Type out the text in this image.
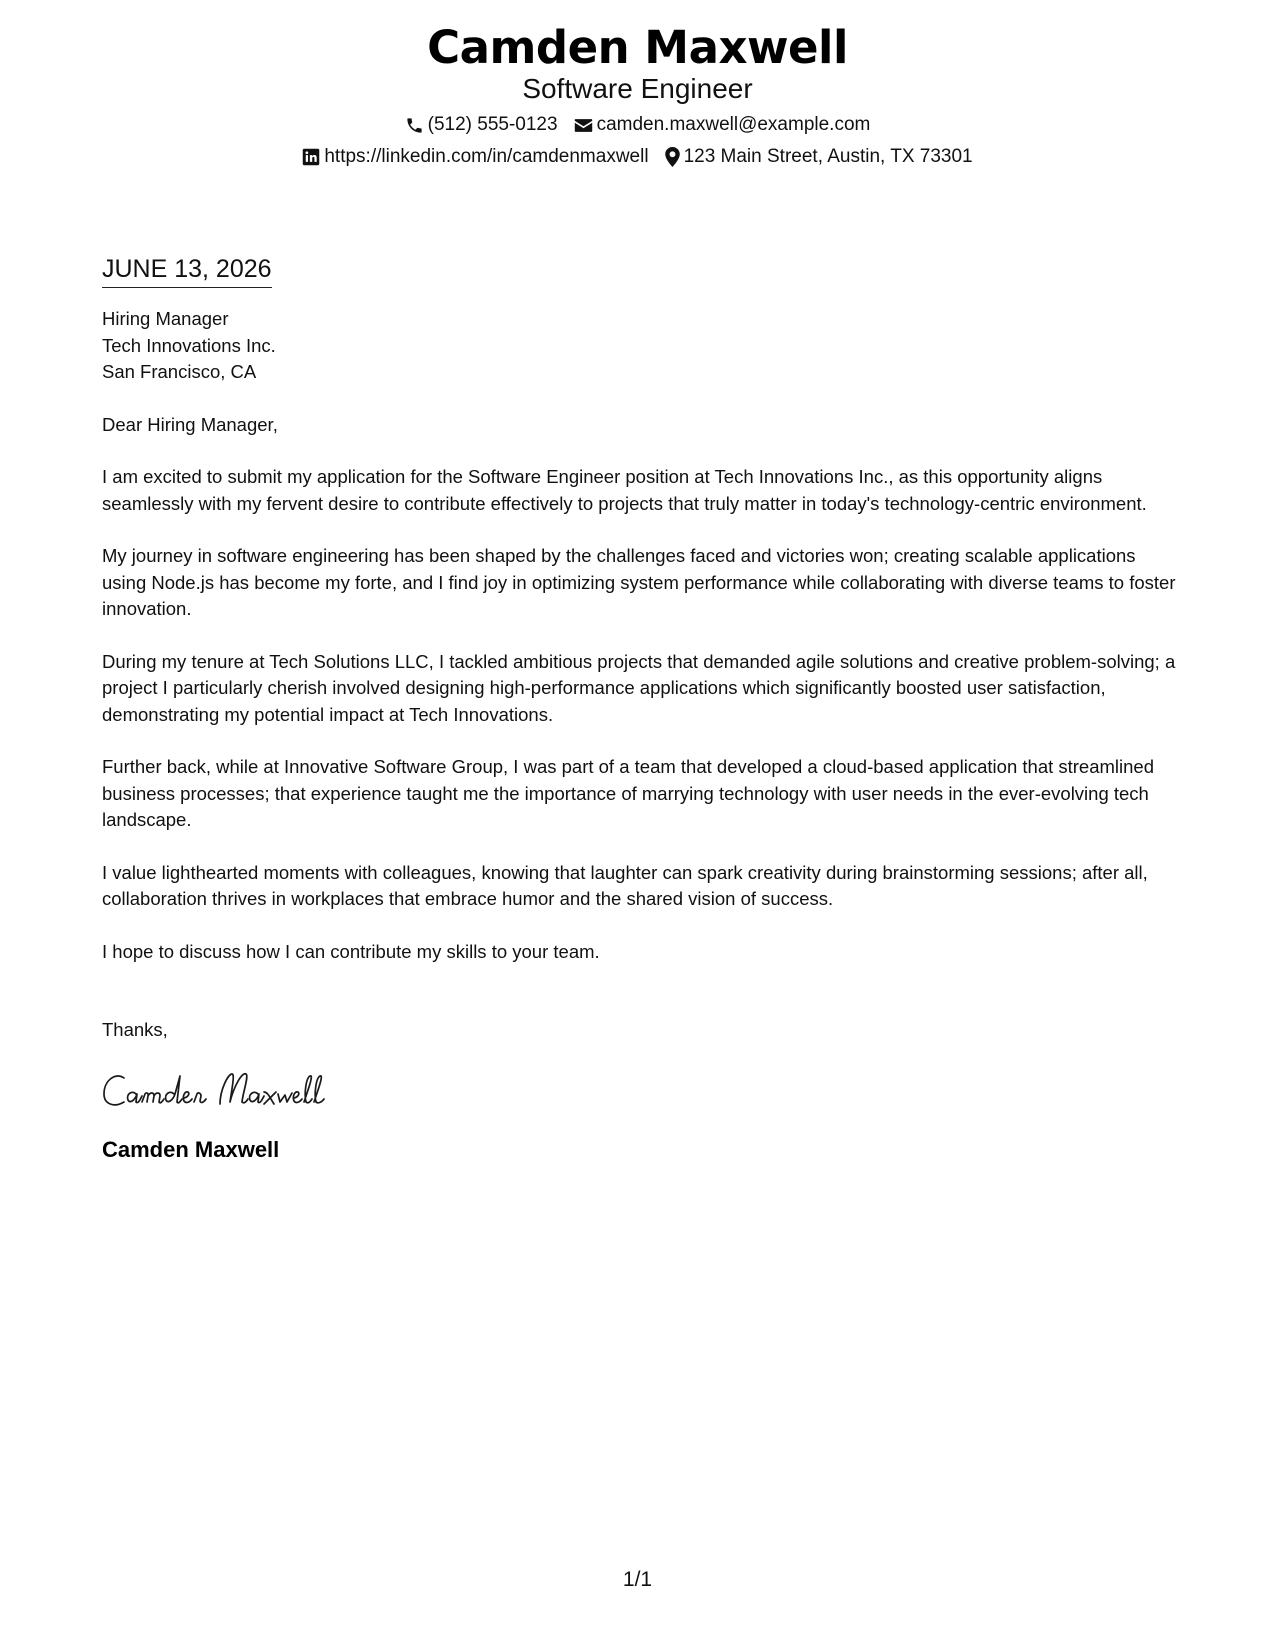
Camden Maxwell
Software Engineer
(512) 555-0123 camden.maxwell@example.com
https://linkedin.com/in/camdenmaxwell 123 Main Street, Austin, TX 73301
JUNE 13, 2026
Hiring Manager
Tech Innovations Inc.
San Francisco, CA
Dear Hiring Manager,
I am excited to submit my application for the Software Engineer position at Tech Innovations Inc., as this opportunity aligns seamlessly with my fervent desire to contribute effectively to projects that truly matter in today's technology-centric environment.
My journey in software engineering has been shaped by the challenges faced and victories won; creating scalable applications using Node.js has become my forte, and I find joy in optimizing system performance while collaborating with diverse teams to foster innovation.
During my tenure at Tech Solutions LLC, I tackled ambitious projects that demanded agile solutions and creative problem-solving; a project I particularly cherish involved designing high-performance applications which significantly boosted user satisfaction, demonstrating my potential impact at Tech Innovations.
Further back, while at Innovative Software Group, I was part of a team that developed a cloud-based application that streamlined business processes; that experience taught me the importance of marrying technology with user needs in the ever-evolving tech landscape.
I value lighthearted moments with colleagues, knowing that laughter can spark creativity during brainstorming sessions; after all, collaboration thrives in workplaces that embrace humor and the shared vision of success.
I hope to discuss how I can contribute my skills to your team.
Thanks,
Camden Maxwell
1/1
